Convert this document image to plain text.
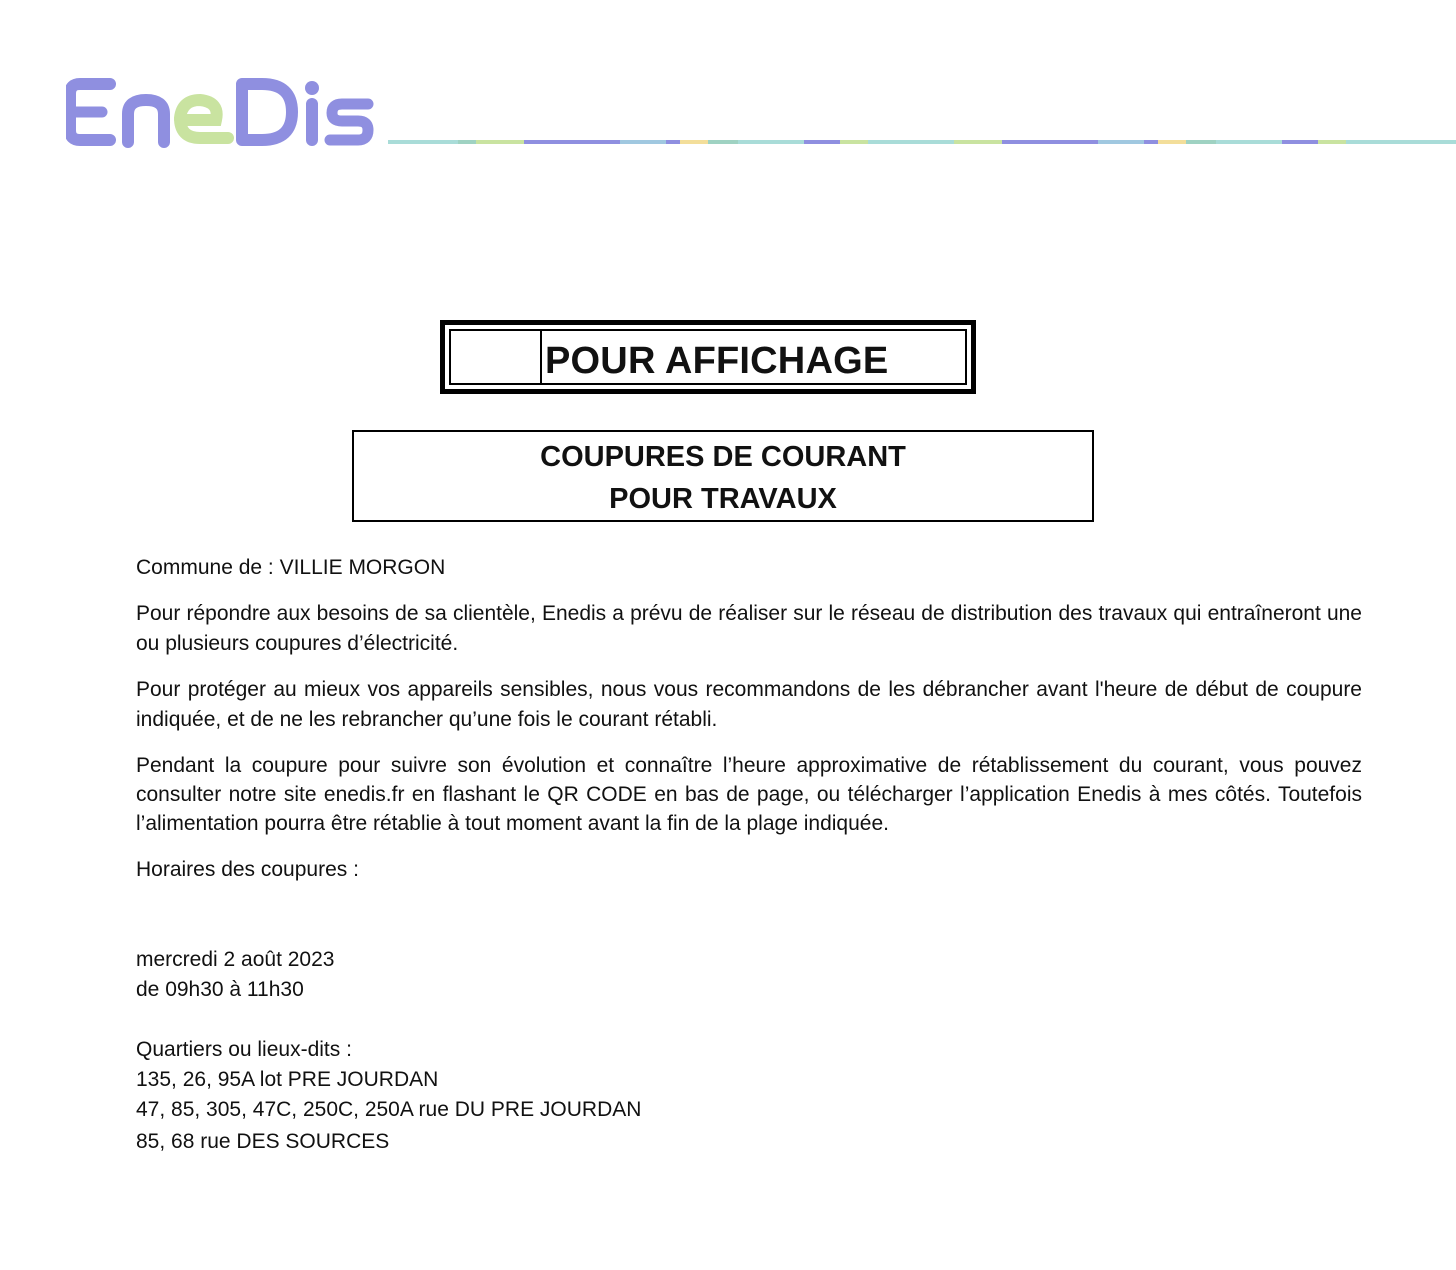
POUR AFFICHAGE
COUPURES DE COURANT
POUR TRAVAUX
Commune de : VILLIE MORGON
Pour répondre aux besoins de sa clientèle, Enedis a prévu de réaliser sur le réseau de distribution des travaux qui entraîneront une ou plusieurs coupures d’électricité.
Pour protéger au mieux vos appareils sensibles, nous vous recommandons de les débrancher avant l'heure de début de coupure indiquée, et de ne les rebrancher qu’une fois le courant rétabli.
Pendant la coupure pour suivre son évolution et connaître l’heure approximative de rétablissement du courant, vous pouvez consulter notre site enedis.fr en flashant le QR CODE en bas de page, ou télécharger l’application Enedis à mes côtés. Toutefois l’alimentation pourra être rétablie à tout moment avant la fin de la plage indiquée.
Horaires des coupures :
mercredi 2 août 2023
de 09h30 à 11h30
Quartiers ou lieux-dits :
135, 26, 95A lot PRE JOURDAN
47, 85, 305, 47C, 250C, 250A rue DU PRE JOURDAN
85, 68 rue DES SOURCES
